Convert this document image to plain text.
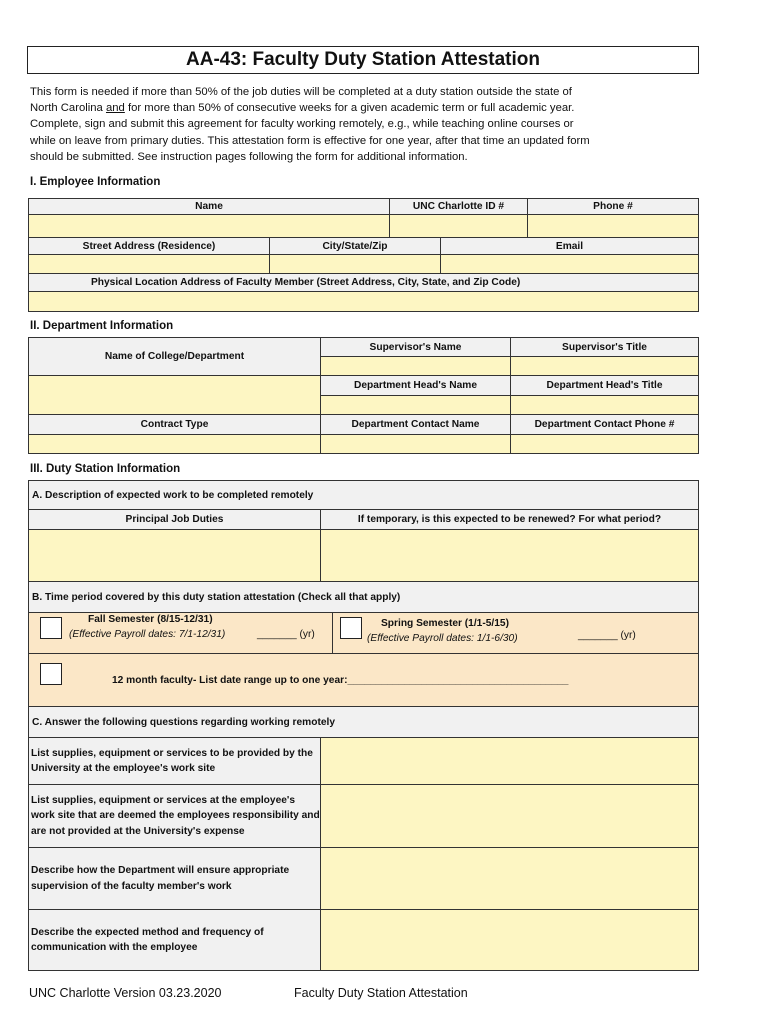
AA-43: Faculty Duty Station Attestation
This form is needed if more than 50% of the job duties will be completed at a duty station outside the state of
North Carolina and for more than 50% of consecutive weeks for a given academic term or full academic year.
Complete, sign and submit this agreement for faculty working remotely, e.g., while teaching online courses or
while on leave from primary duties. This attestation form is effective for one year, after that time an updated form
should be submitted. See instruction pages following the form for additional information.
I. Employee Information
Name	UNC Charlotte ID #	Phone #
Street Address (Residence)	City/State/Zip	Email
Physical Location Address of Faculty Member (Street Address, City, State, and Zip Code)
II. Department Information
Name of College/Department
Supervisor's Name	Supervisor's Title
Department Head's Name	Department Head's Title
Contract Type	Department Contact Name	Department Contact Phone #
III. Duty Station Information
A. Description of expected work to be completed remotely
Principal Job Duties	If temporary, is this expected to be renewed? For what period?
B. Time period covered by this duty station attestation (Check all that apply)
Fall Semester (8/15-12/31)
(Effective Payroll dates: 7/1-12/31)	_______ (yr)
Spring Semester (1/1-5/15)
(Effective Payroll dates: 1/1-6/30)	_______ (yr)
12 month faculty- List date range up to one year:_______________________________________
C. Answer the following questions regarding working remotely
List supplies, equipment or services to be provided by the University at the employee's work site
List supplies, equipment or services at the employee's work site that are deemed the employees responsibility and are not provided at the University's expense
Describe how the Department will ensure appropriate supervision of the faculty member's work
Describe the expected method and frequency of communication with the employee
UNC Charlotte Version 03.23.2020	Faculty Duty Station Attestation
